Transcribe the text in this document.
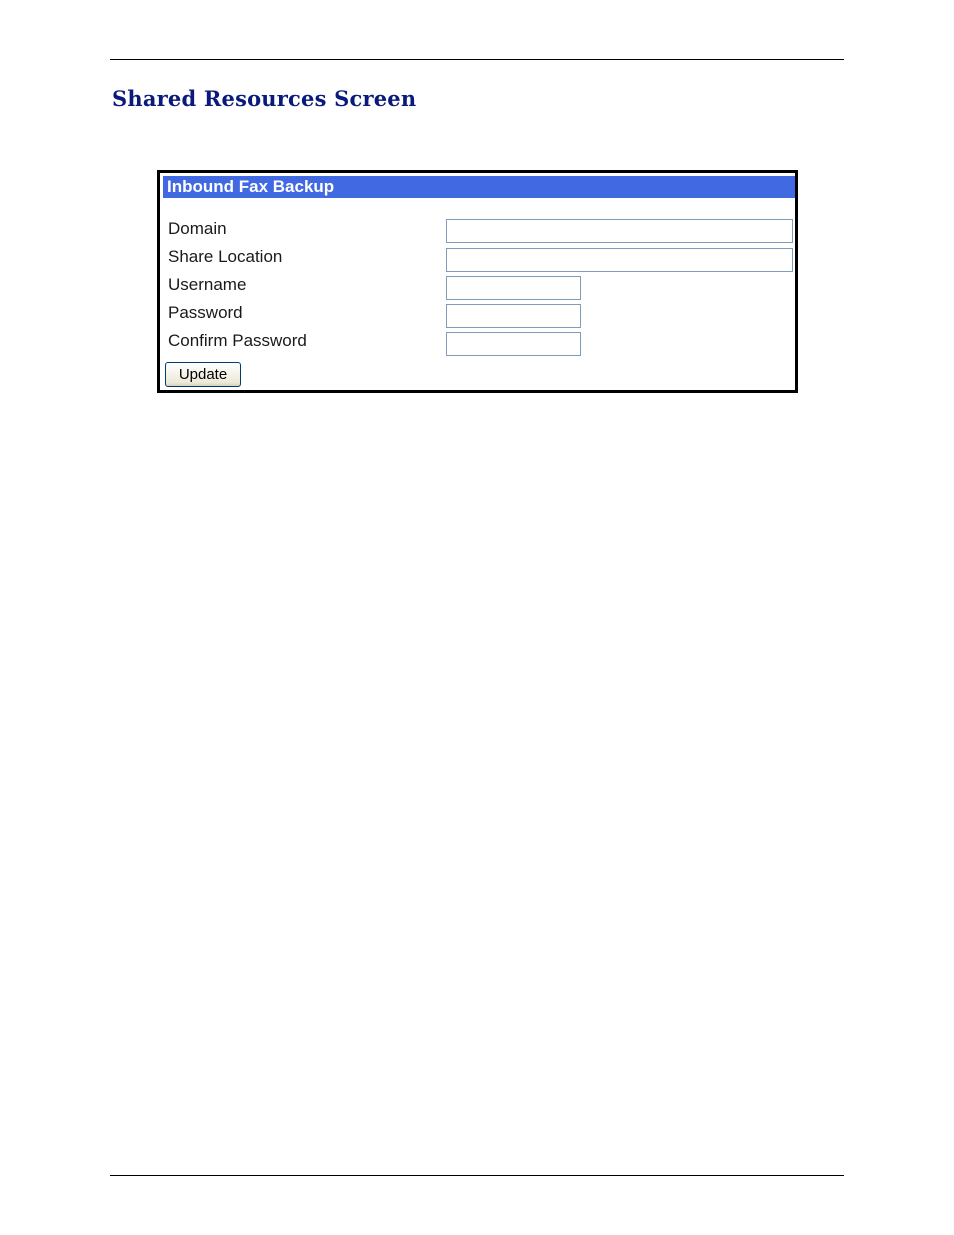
Shared Resources Screen
Inbound Fax Backup
Domain
Share Location
Username
Password
Confirm Password
Update
